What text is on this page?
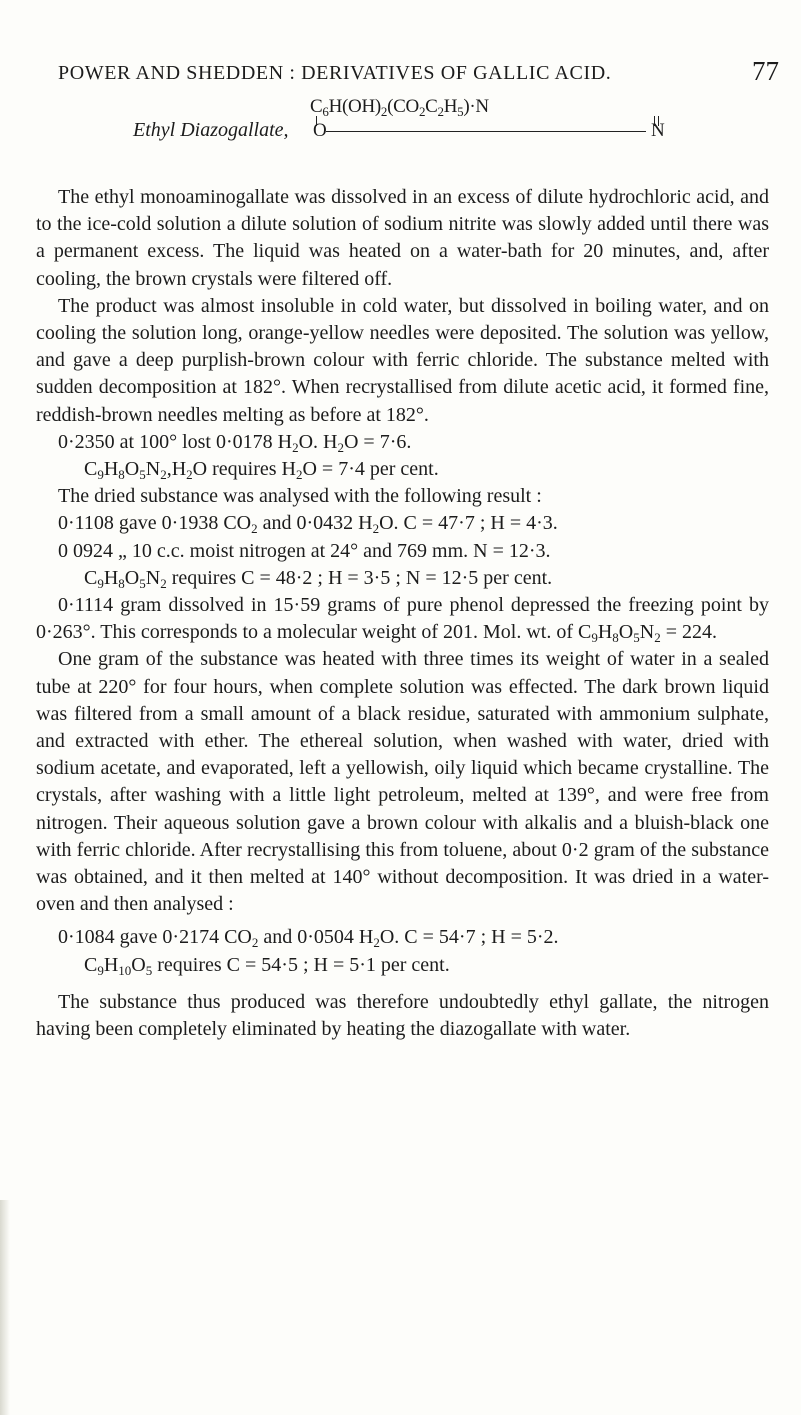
POWER AND SHEDDEN : DERIVATIVES OF GALLIC ACID.	77
Ethyl Diazogallate,
$C_6H(OH)_2(CO_2C_2H_5)\cdot N$
O	N

The ethyl monoaminogallate was dissolved in an excess of dilute hydrochloric acid, and to the ice-cold solution a dilute solution of sodium nitrite was slowly added until there was a permanent excess. The liquid was heated on a water-bath for 20 minutes, and, after cooling, the brown crystals were filtered off.

The product was almost insoluble in cold water, but dissolved in boiling water, and on cooling the solution long, orange-yellow needles were deposited. The solution was yellow, and gave a deep purplish-brown colour with ferric chloride. The substance melted with sudden decomposition at 182°. When recrystallised from dilute acetic acid, it formed fine, reddish-brown needles melting as before at 182°.

0·2350 at 100° lost 0·0178 $H_2O$. $H_2O = 7\cdot 6$.

$C_9H_8O_5N_2,H_2O$ requires $H_2O = 7\cdot 4$ per cent.

The dried substance was analysed with the following result :

0·1108 gave 0·1938 $CO_2$ and 0·0432 $H_2O$. C = 47·7 ; H = 4·3.

0 0924 „ 10 c.c. moist nitrogen at 24° and 769 mm. N = 12·3.

$C_9H_8O_5N_2$ requires C = 48·2 ; H = 3·5 ; N = 12·5 per cent.

0·1114 gram dissolved in 15·59 grams of pure phenol depressed the freezing point by 0·263°. This corresponds to a molecular weight of 201. Mol. wt. of $C_9H_8O_5N_2 = 224$.

One gram of the substance was heated with three times its weight of water in a sealed tube at 220° for four hours, when complete solution was effected. The dark brown liquid was filtered from a small amount of a black residue, saturated with ammonium sulphate, and extracted with ether. The ethereal solution, when washed with water, dried with sodium acetate, and evaporated, left a yellowish, oily liquid which became crystalline. The crystals, after washing with a little light petroleum, melted at 139°, and were free from nitrogen. Their aqueous solution gave a brown colour with alkalis and a bluish-black one with ferric chloride. After recrystallising this from toluene, about 0·2 gram of the substance was obtained, and it then melted at 140° without decomposition. It was dried in a water-oven and then analysed :

0·1084 gave 0·2174 $CO_2$ and 0·0504 $H_2O$. C = 54·7 ; H = 5·2.

$C_9H_{10}O_5$ requires C = 54·5 ; H = 5·1 per cent.

The substance thus produced was therefore undoubtedly ethyl gallate, the nitrogen having been completely eliminated by heating the diazogallate with water.
